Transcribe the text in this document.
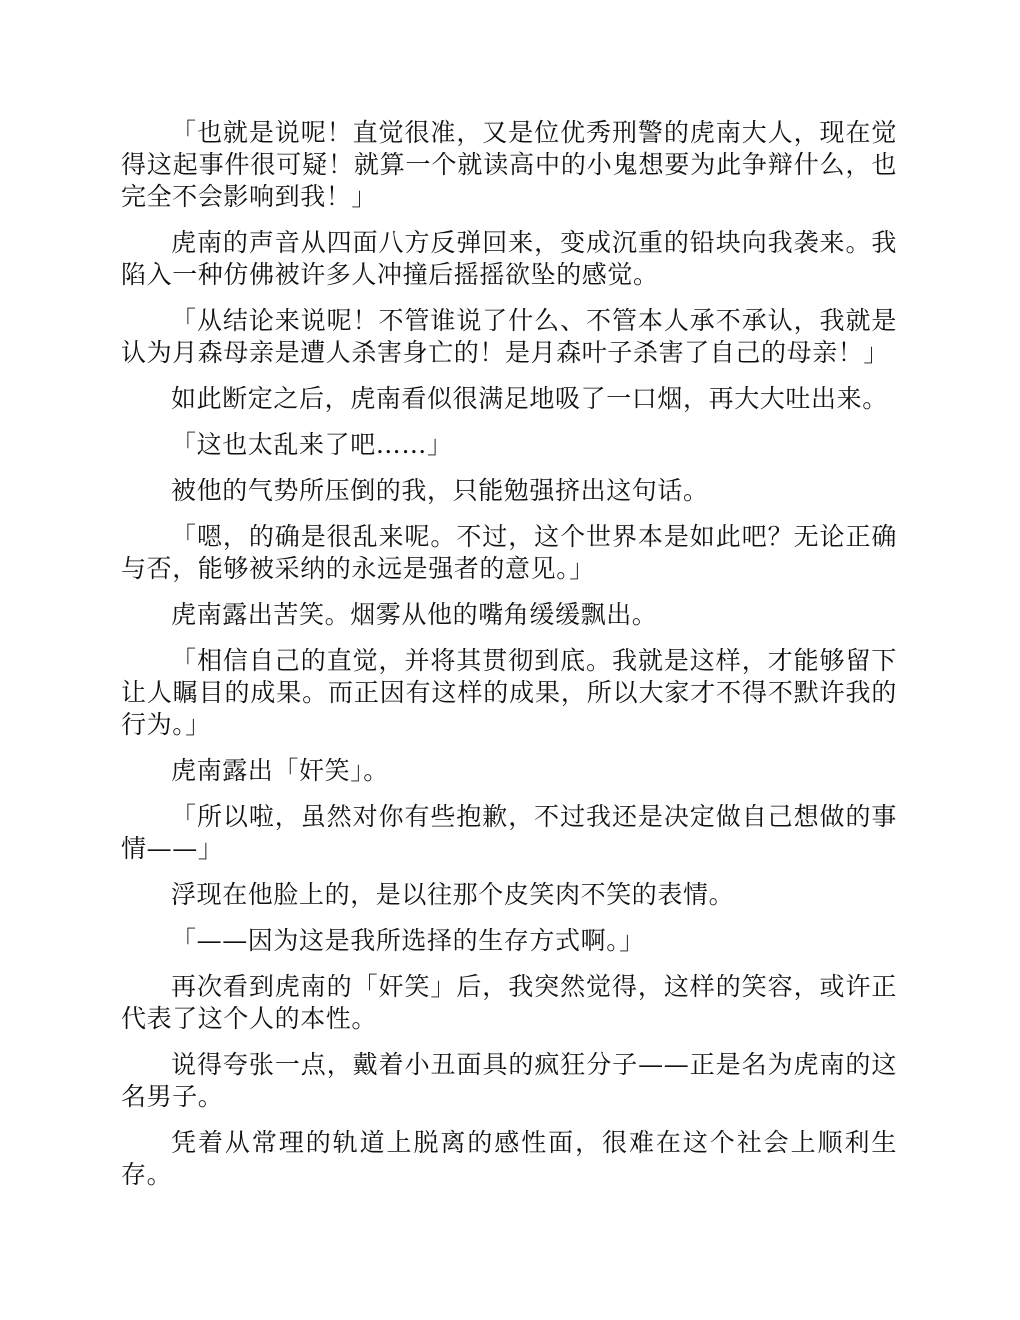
「也就是说呢！直觉很准，又是位优秀刑警的虎南大人，现在觉得这起事件很可疑！就算一个就读高中的小鬼想要为此争辩什么，也完全不会影响到我！」

虎南的声音从四面八方反弹回来，变成沉重的铅块向我袭来。我陷入一种仿佛被许多人冲撞后摇摇欲坠的感觉。

「从结论来说呢！不管谁说了什么、不管本人承不承认，我就是认为月森母亲是遭人杀害身亡的！是月森叶子杀害了自己的母亲！」

如此断定之后，虎南看似很满足地吸了一口烟，再大大吐出来。

「这也太乱来了吧……」

被他的气势所压倒的我，只能勉强挤出这句话。

「嗯，的确是很乱来呢。不过，这个世界本是如此吧？无论正确与否，能够被采纳的永远是强者的意见。」

虎南露出苦笑。烟雾从他的嘴角缓缓飘出。

「相信自己的直觉，并将其贯彻到底。我就是这样，才能够留下让人瞩目的成果。而正因有这样的成果，所以大家才不得不默许我的行为。」

虎南露出「奸笑」。

「所以啦，虽然对你有些抱歉，不过我还是决定做自己想做的事情——」

浮现在他脸上的，是以往那个皮笑肉不笑的表情。

「——因为这是我所选择的生存方式啊。」

再次看到虎南的「奸笑」后，我突然觉得，这样的笑容，或许正代表了这个人的本性。

说得夸张一点，戴着小丑面具的疯狂分子——正是名为虎南的这名男子。

凭着从常理的轨道上脱离的感性面，很难在这个社会上顺利生存。
